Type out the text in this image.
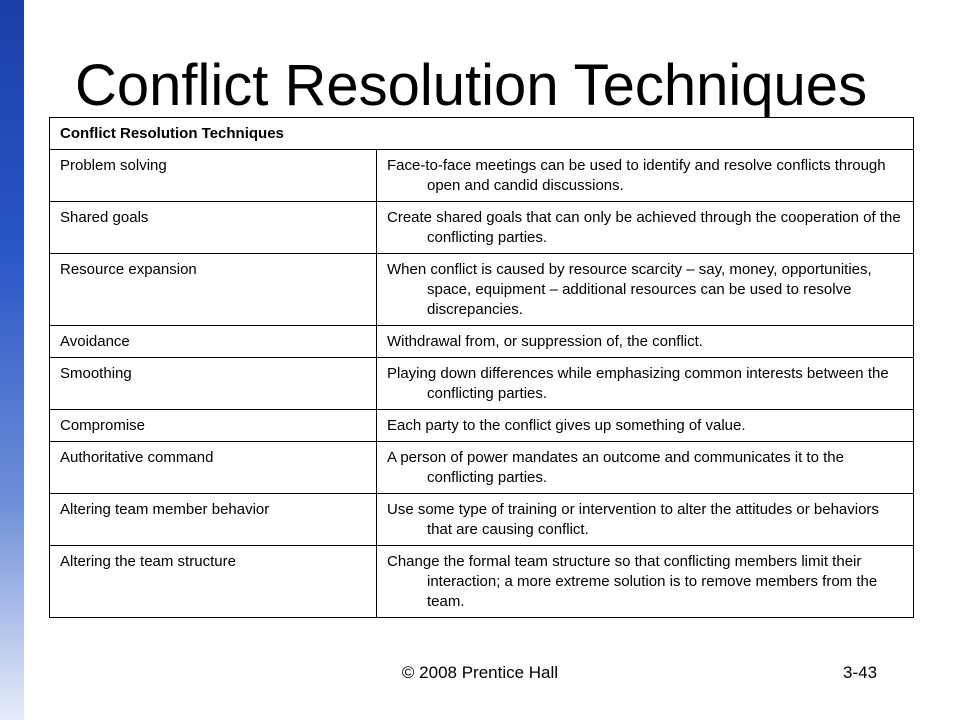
Conflict Resolution Techniques
Conflict Resolution Techniques	
Problem solving	Face-to-face meetings can be used to identify and resolve conflicts through open and candid discussions.

Shared goals	Create shared goals that can only be achieved through the cooperation of the conflicting parties.

Resource expansion	When conflict is caused by resource scarcity – say, money, opportunities, space, equipment – additional resources can be used to resolve discrepancies.

Avoidance	Withdrawal from, or suppression of, the conflict.

Smoothing	Playing down differences while emphasizing common interests between the conflicting parties.

Compromise	Each party to the conflict gives up something of value.

Authoritative command	A person of power mandates an outcome and communicates it to the conflicting parties.

Altering team member behavior	Use some type of training or intervention to alter the attitudes or behaviors that are causing conflict.

Altering the team structure	Change the formal team structure so that conflicting members limit their interaction; a more extreme solution is to remove members from the team.
© 2008 Prentice Hall	3-43
